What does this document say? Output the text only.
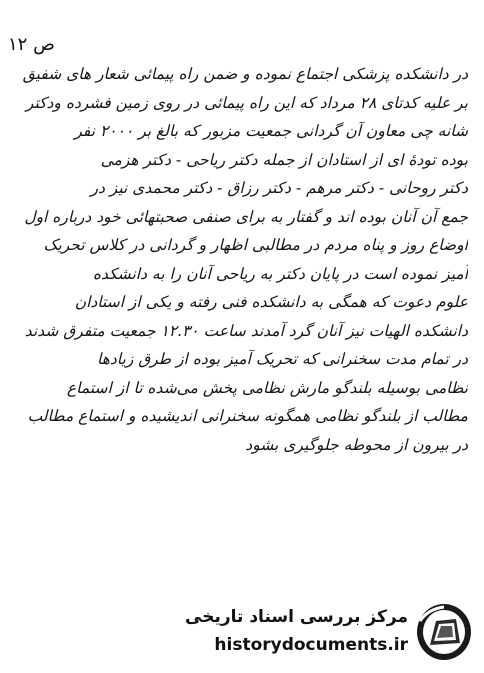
ص ۱۲
در دانشکده پزشکی اجتماع نموده و ضمن راه پیمائی شعار های شفیق
بر علیه کدتای ۲۸ مرداد که این راه پیمائی در روی زمین فشرده ودکتر
شانه چی معاون آن گردانی جمعیت مزبور که بالغ بر ۲۰۰۰ نفر
بوده تودهٔ ای از استادان از جمله دکتر ریاحی - دکتر هزمی
دکتر روحانی - دکتر مرهم - دکتر رزاق - دکتر محمدی نیز در
جمع آن آنان بوده اند و گفتار به برای صنفی صحبتهائی خود درباره اول
اوضاع روز و پناه مردم در مطالبی اظهار و گردانی در کلاس تحریک
آمیز نموده است در پایان دکتر به ریاحی آنان را به دانشکده
علوم دعوت که همگی به دانشکده فنی رفته و یکی از استادان
دانشکده الهیات نیز آنان گرد آمدند ساعت ۱۲.۳۰ جمعیت متفرق شدند
در تمام مدت سخنرانی که تحریک آمیز بوده از طرق زیادها
نظامی بوسیله بلندگو مارش نظامی پخش می‌شده تا از استماع
مطالب از بلندگو نظامی همگونه سخنرانی اندیشیده و استماع مطالب
در بیرون از محوطه جلوگیری بشود
مرکز بررسی اسناد تاریخی
historydocuments.ir
